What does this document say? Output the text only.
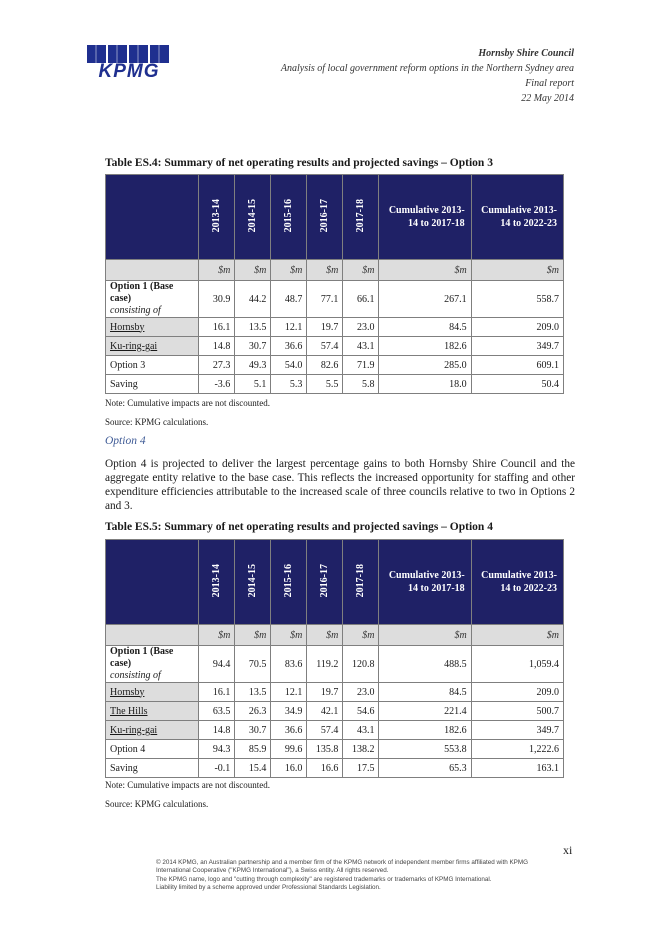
KPMG
Hornsby Shire Council
Analysis of local government reform options in the Northern Sydney area
Final report
22 May 2014
Table ES.4: Summary of net operating results and projected savings – Option 3
	2013-14	2014-15	2015-16	2016-17	2017-18	Cumulative 2013-14 to 2017-18	Cumulative 2013-14 to 2022-23
	$m	$m	$m	$m	$m	$m	$m

Option 1 (Base case)
consisting of	30.9	44.2	48.7	77.1	66.1	267.1	558.7
Hornsby	16.1	13.5	12.1	19.7	23.0	84.5	209.0
Ku-ring-gai	14.8	30.7	36.6	57.4	43.1	182.6	349.7
Option 3	27.3	49.3	54.0	82.6	71.9	285.0	609.1
Saving	-3.6	5.1	5.3	5.5	5.8	18.0	50.4
Note: Cumulative impacts are not discounted.
Source: KPMG calculations.
Option 4
Option 4 is projected to deliver the largest percentage gains to both Hornsby Shire Council and the aggregate entity relative to the base case. This reflects the increased opportunity for staffing and other expenditure efficiencies attributable to the increased scale of three councils relative to two in Options 2 and 3.
Table ES.5: Summary of net operating results and projected savings – Option 4
	2013-14	2014-15	2015-16	2016-17	2017-18	Cumulative 2013-14 to 2017-18	Cumulative 2013-14 to 2022-23
	$m	$m	$m	$m	$m	$m	$m

Option 1 (Base case)
consisting of	94.4	70.5	83.6	119.2	120.8	488.5	1,059.4
Hornsby	16.1	13.5	12.1	19.7	23.0	84.5	209.0
The Hills	63.5	26.3	34.9	42.1	54.6	221.4	500.7
Ku-ring-gai	14.8	30.7	36.6	57.4	43.1	182.6	349.7
Option 4	94.3	85.9	99.6	135.8	138.2	553.8	1,222.6
Saving	-0.1	15.4	16.0	16.6	17.5	65.3	163.1
Note: Cumulative impacts are not discounted.
Source: KPMG calculations.
xi
© 2014 KPMG, an Australian partnership and a member firm of the KPMG network of independent member firms affiliated with KPMG International Cooperative ("KPMG International"), a Swiss entity. All rights reserved.
The KPMG name, logo and "cutting through complexity" are registered trademarks or trademarks of KPMG International.
Liability limited by a scheme approved under Professional Standards Legislation.
